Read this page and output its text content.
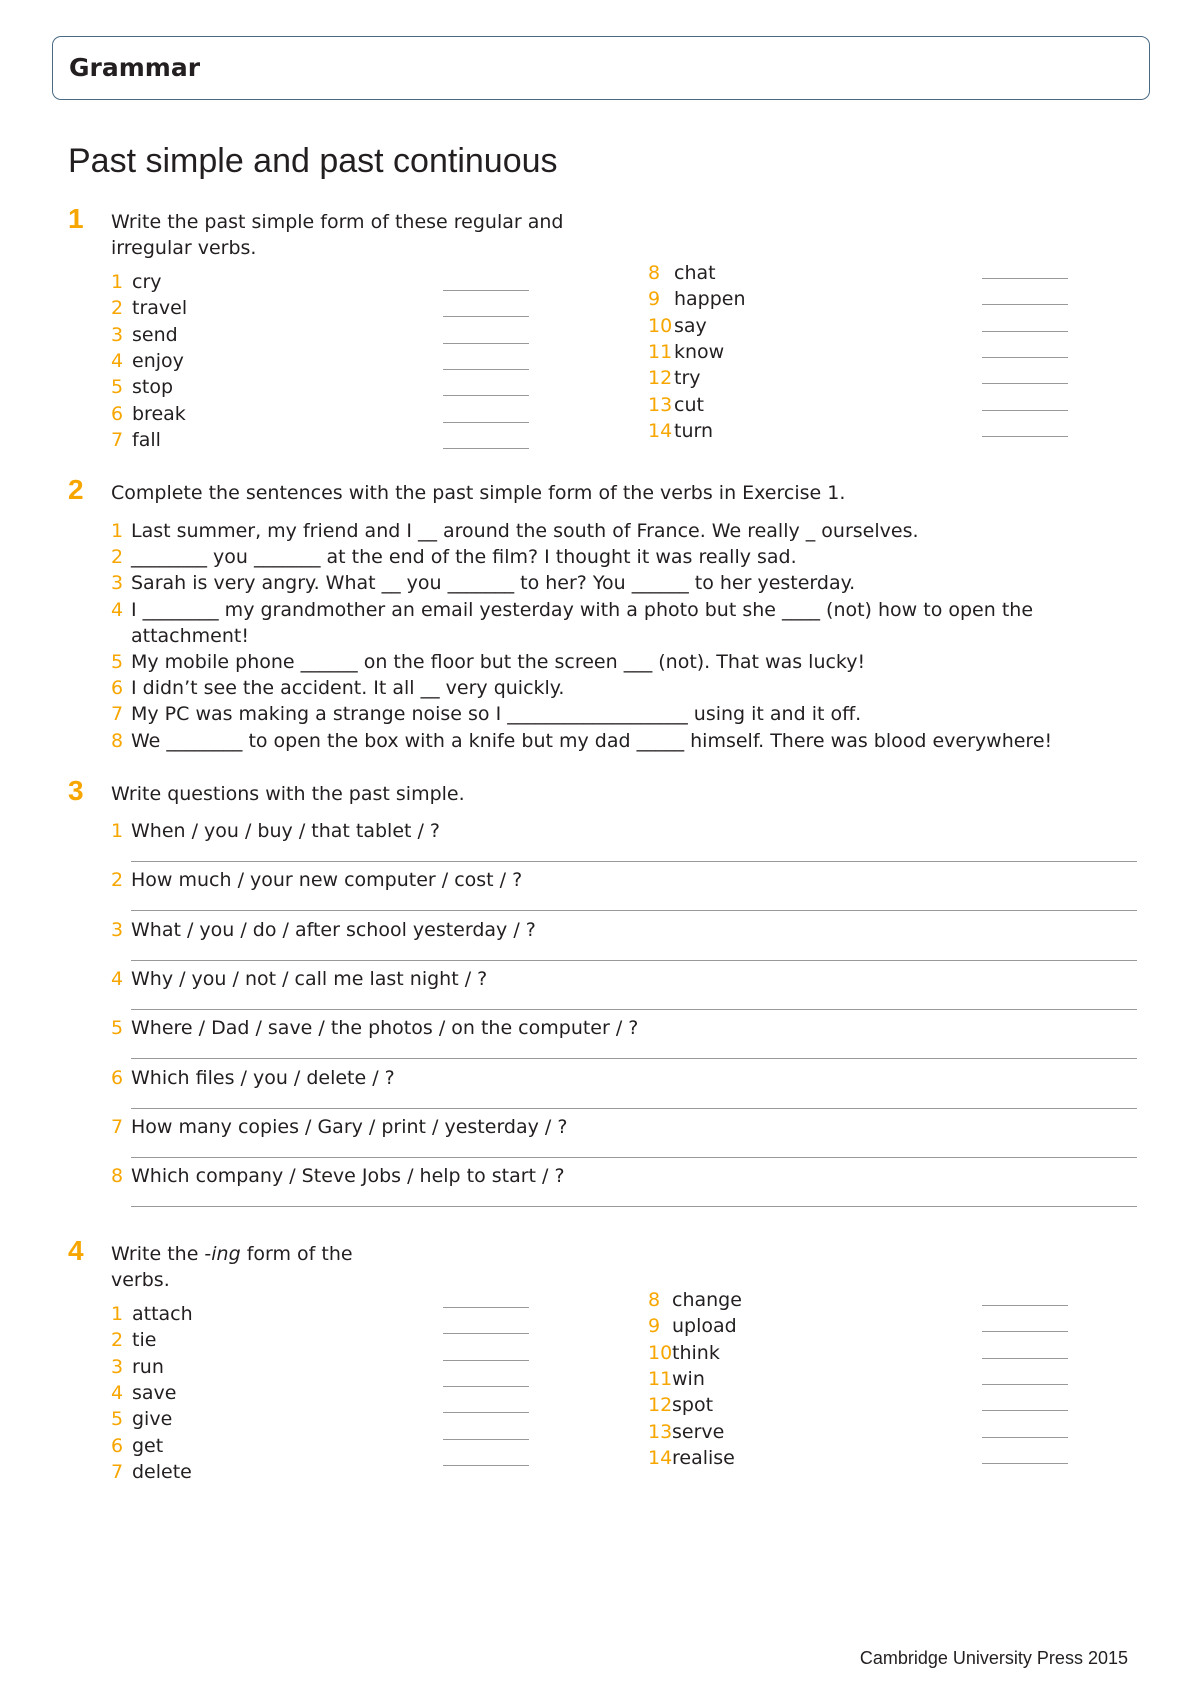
Grammar
Past simple and past continuous
1 Write the past simple form of these regular and
irregular verbs.
1 cry
2 travel
3 send
4 enjoy
5 stop
6 break
7 fall
8 chat
9 happen
10say
11know
12try
13cut
14turn
2 Complete the sentences with the past simple form of the verbs in Exercise 1.
1 Last summer, my friend and I __ around the south of France. We really _ ourselves.
2 ________ you _______ at the end of the film? I thought it was really sad.
3 Sarah is very angry. What __ you _______ to her? You ______ to her yesterday.
4 I ________ my grandmother an email yesterday with a photo but she ____ (not) how to open the
attachment!
5 My mobile phone ______ on the floor but the screen ___ (not). That was lucky!
6 I didn’t see the accident. It all __ very quickly.
7 My PC was making a strange noise so I ___________________ using it and it off.
8 We ________ to open the box with a knife but my dad _____ himself. There was blood everywhere!
3 Write questions with the past simple.
1 When / you / buy / that tablet / ?
2 How much / your new computer / cost / ?
3 What / you / do / after school yesterday / ?
4 Why / you / not / call me last night / ?
5 Where / Dad / save / the photos / on the computer / ?
6 Which files / you / delete / ?
7 How many copies / Gary / print / yesterday / ?
8 Which company / Steve Jobs / help to start / ?
4 Write the -ing form of the
verbs.
1 attach
2 tie
3 run
4 save
5 give
6 get
7 delete
8 change
9 upload
10think
11win
12spot
13serve
14realise
Cambridge University Press 2015
